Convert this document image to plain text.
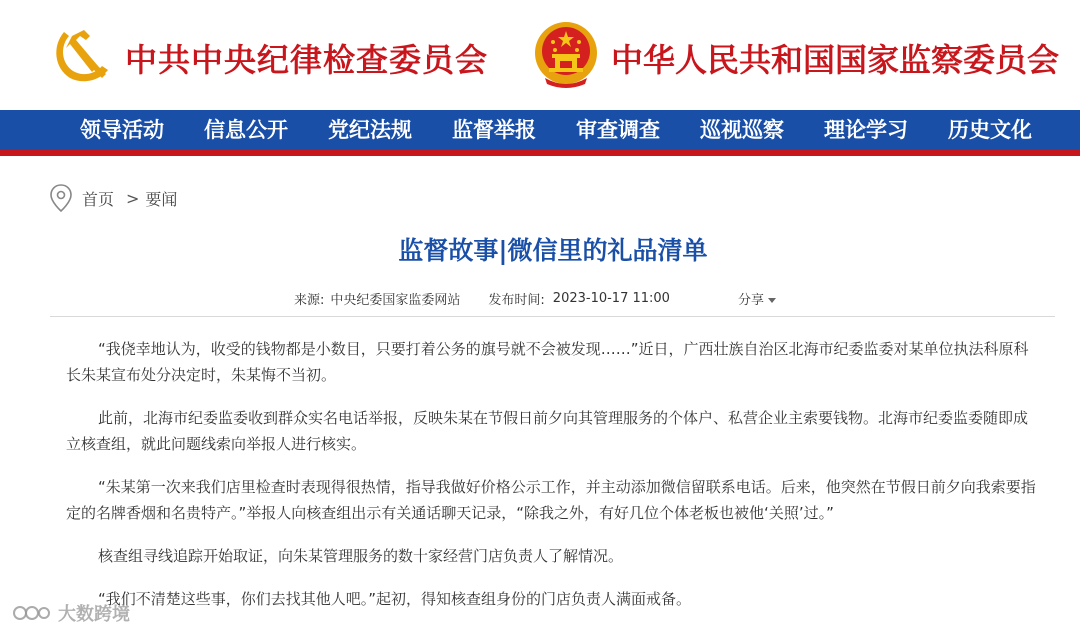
中共中央纪律检查委员会	中华人民共和国国家监察委员会
领导活动	信息公开	党纪法规	监督举报	审查调查	巡视巡察	理论学习	历史文化
首页 > 要闻
监督故事|微信里的礼品清单
来源: 中央纪委国家监委网站 发布时间: 2023-10-17 11:00	分享

“我侥幸地认为，收受的钱物都是小数目，只要打着公务的旗号就不会被发现……”近日，广西壮族自治区北海市纪委监委对某单位执法科原科长朱某宣布处分决定时，朱某悔不当初。

此前，北海市纪委监委收到群众实名电话举报，反映朱某在节假日前夕向其管理服务的个体户、私营企业主索要钱物。北海市纪委监委随即成立核查组，就此问题线索向举报人进行核实。

“朱某第一次来我们店里检查时表现得很热情，指导我做好价格公示工作，并主动添加微信留联系电话。后来，他突然在节假日前夕向我索要指定的名牌香烟和名贵特产。”举报人向核查组出示有关通话聊天记录，“除我之外，有好几位个体老板也被他‘关照’过。”

核查组寻线追踪开始取证，向朱某管理服务的数十家经营门店负责人了解情况。

“我们不清楚这些事，你们去找其他人吧。”起初，得知核查组身份的门店负责人满面戒备。

大数跨境
